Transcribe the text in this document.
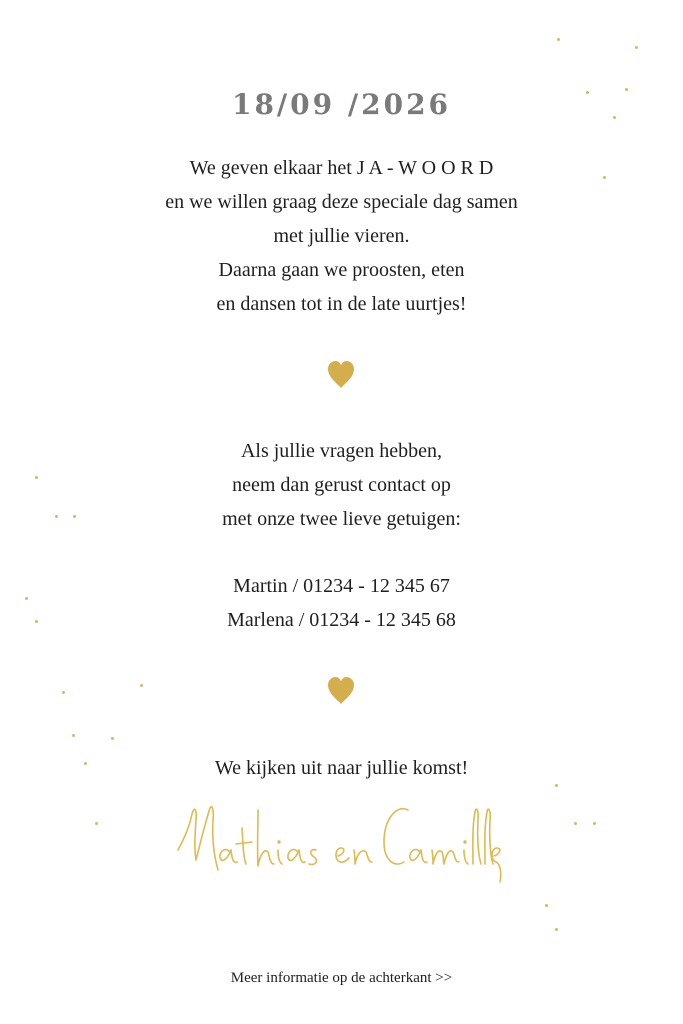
18/09 /2026

We geven elkaar het J A - W O O R D

en we willen graag deze speciale dag samen

met jullie vieren.

Daarna gaan we proosten, eten

en dansen tot in de late uurtjes!

Als jullie vragen hebben,

neem dan gerust contact op

met onze twee lieve getuigen:

Martin / 01234 - 12 345 67

Marlena / 01234 - 12 345 68

We kijken uit naar jullie komst!

Meer informatie op de achterkant >>
